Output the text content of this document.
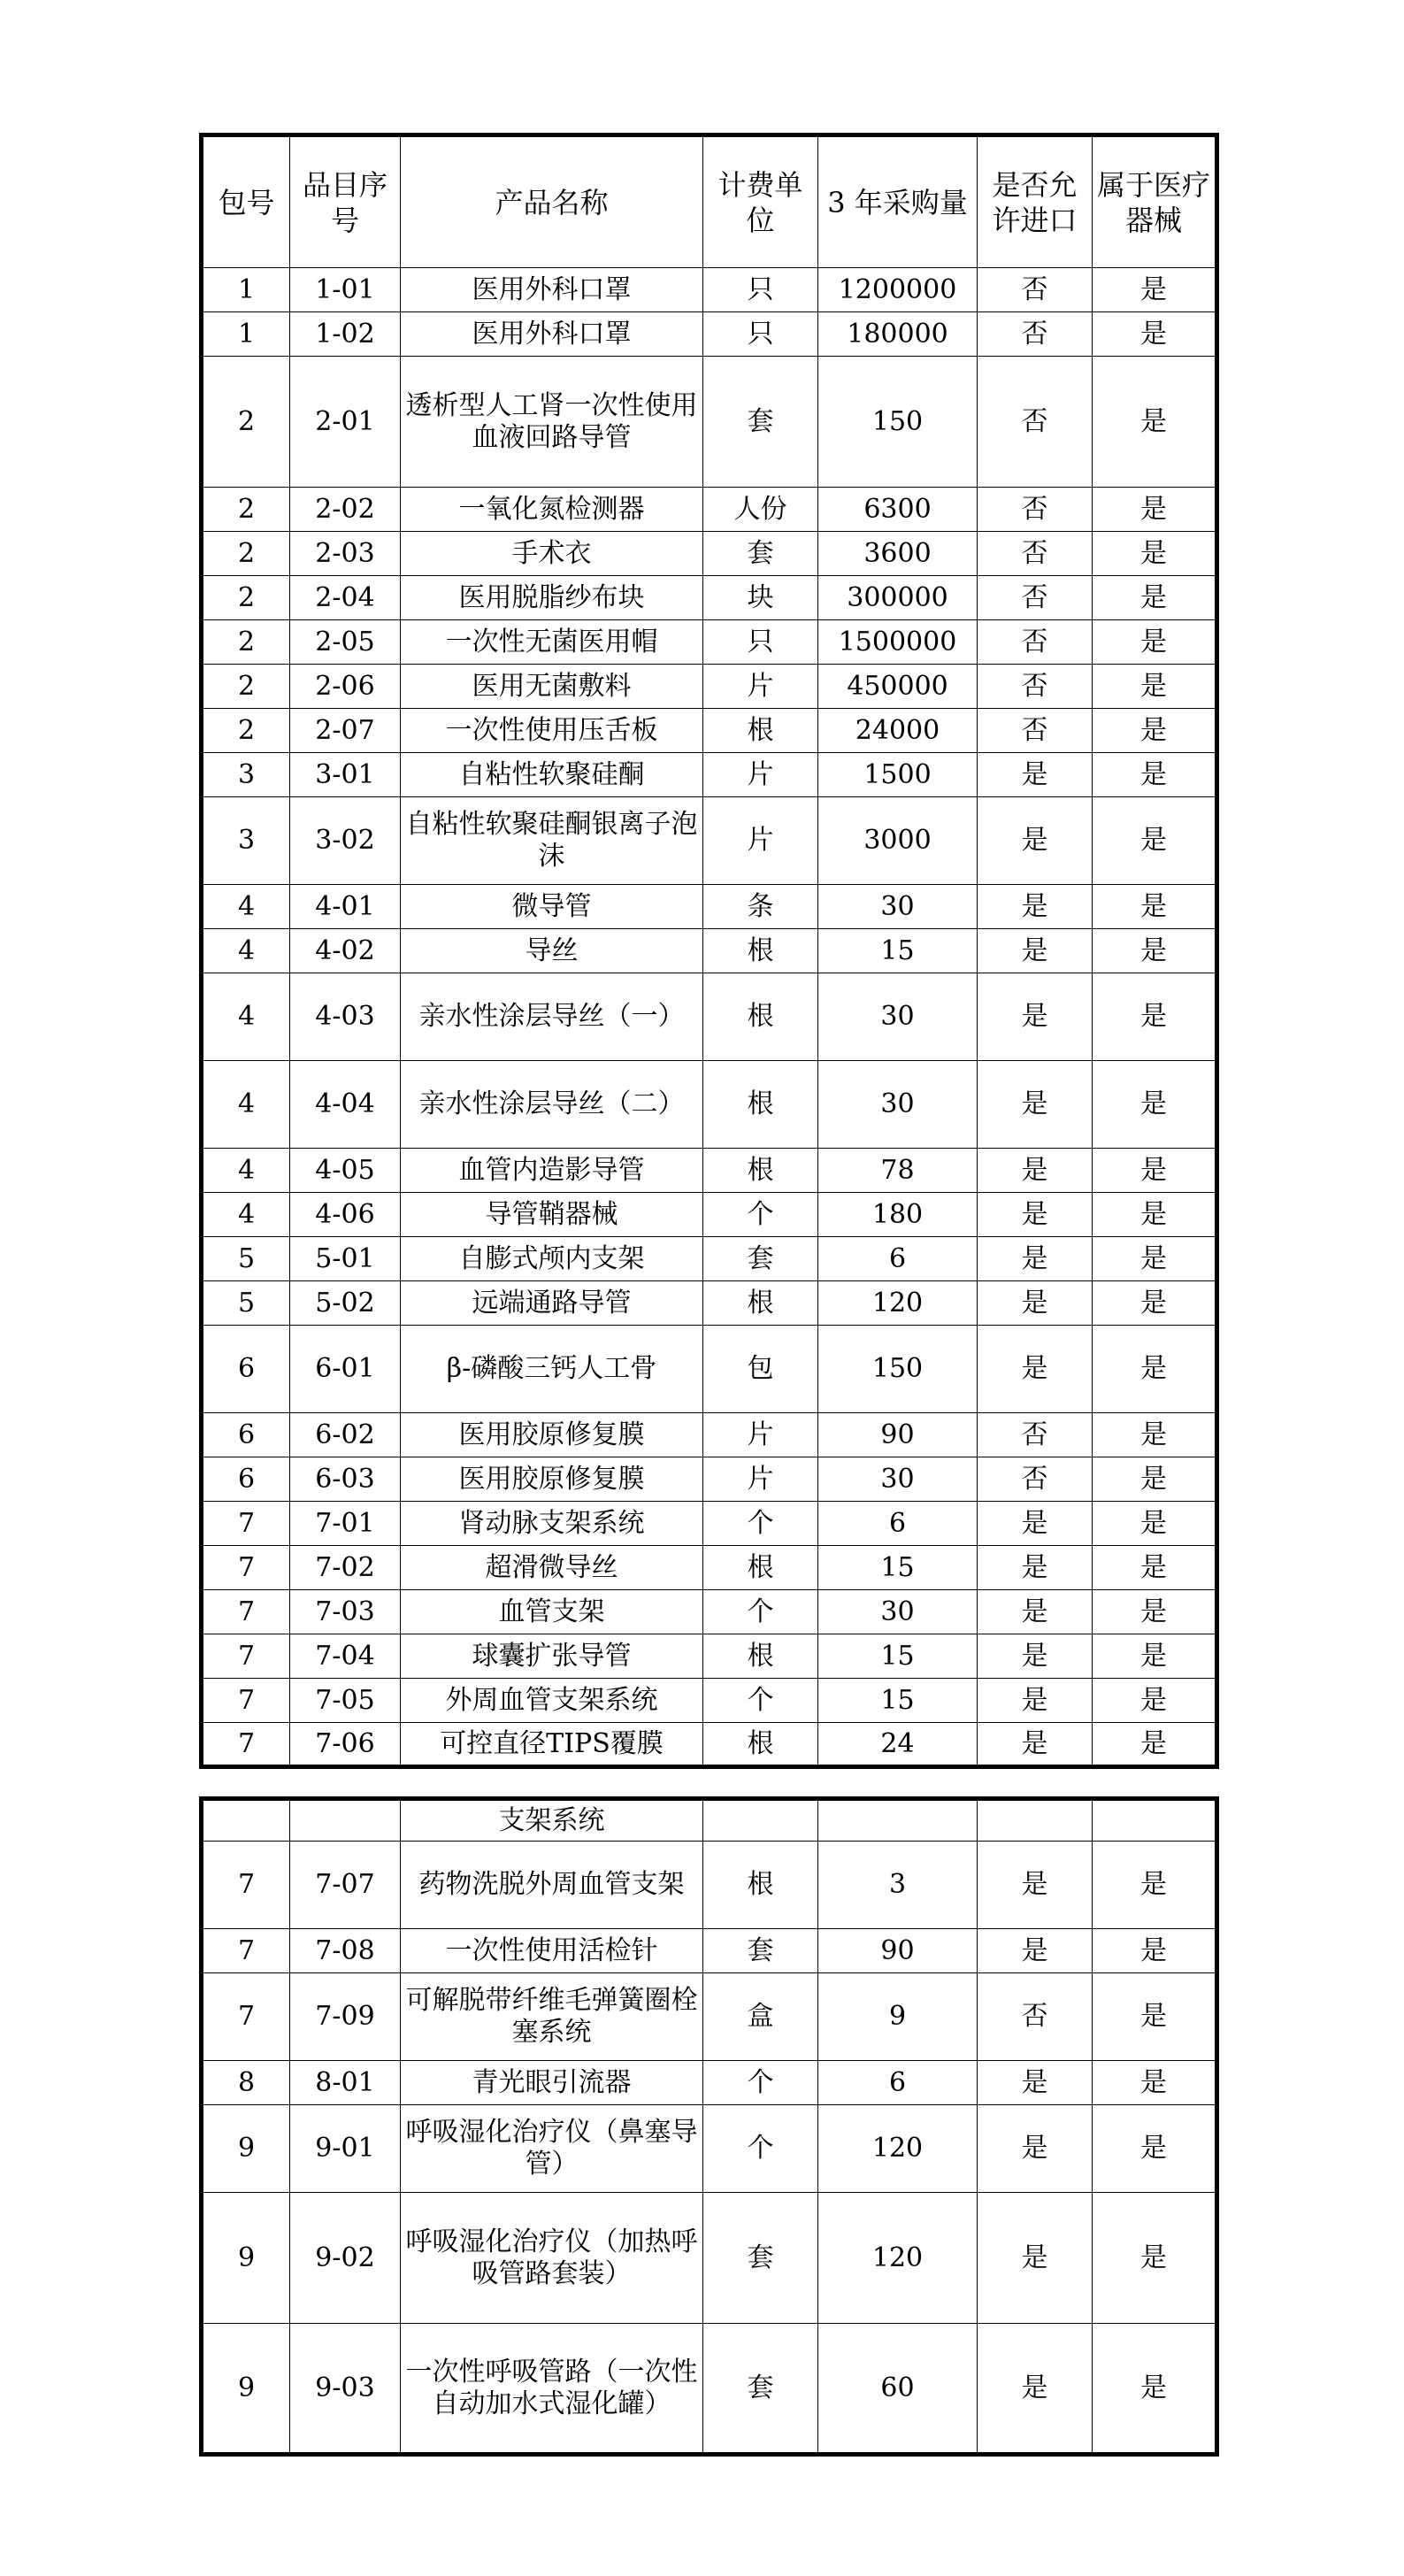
包号	品目序号	产品名称	计费单位	3 年采购量	是否允许进口	属于医疗器械
1	1-01	医用外科口罩	只	1200000	否	是
1	1-02	医用外科口罩	只	180000	否	是
2	2-01	透析型人工肾一次性使用血液回路导管	套	150	否	是
2	2-02	一氧化氮检测器	人份	6300	否	是
2	2-03	手术衣	套	3600	否	是
2	2-04	医用脱脂纱布块	块	300000	否	是
2	2-05	一次性无菌医用帽	只	1500000	否	是
2	2-06	医用无菌敷料	片	450000	否	是
2	2-07	一次性使用压舌板	根	24000	否	是
3	3-01	自粘性软聚硅酮	片	1500	是	是
3	3-02	自粘性软聚硅酮银离子泡沫	片	3000	是	是
4	4-01	微导管	条	30	是	是
4	4-02	导丝	根	15	是	是
4	4-03	亲水性涂层导丝（一）	根	30	是	是
4	4-04	亲水性涂层导丝（二）	根	30	是	是
4	4-05	血管内造影导管	根	78	是	是
4	4-06	导管鞘器械	个	180	是	是
5	5-01	自膨式颅内支架	套	6	是	是
5	5-02	远端通路导管	根	120	是	是
6	6-01	β-磷酸三钙人工骨	包	150	是	是
6	6-02	医用胶原修复膜	片	90	否	是
6	6-03	医用胶原修复膜	片	30	否	是
7	7-01	肾动脉支架系统	个	6	是	是
7	7-02	超滑微导丝	根	15	是	是
7	7-03	血管支架	个	30	是	是
7	7-04	球囊扩张导管	根	15	是	是
7	7-05	外周血管支架系统	个	15	是	是
7	7-06	可控直径TIPS覆膜	根	24	是	是
		支架系统				
7	7-07	药物洗脱外周血管支架	根	3	是	是
7	7-08	一次性使用活检针	套	90	是	是
7	7-09	可解脱带纤维毛弹簧圈栓塞系统	盒	9	否	是
8	8-01	青光眼引流器	个	6	是	是
9	9-01	呼吸湿化治疗仪（鼻塞导管）	个	120	是	是
9	9-02	呼吸湿化治疗仪（加热呼吸管路套装）	套	120	是	是
9	9-03	一次性呼吸管路（一次性自动加水式湿化罐）	套	60	是	是
